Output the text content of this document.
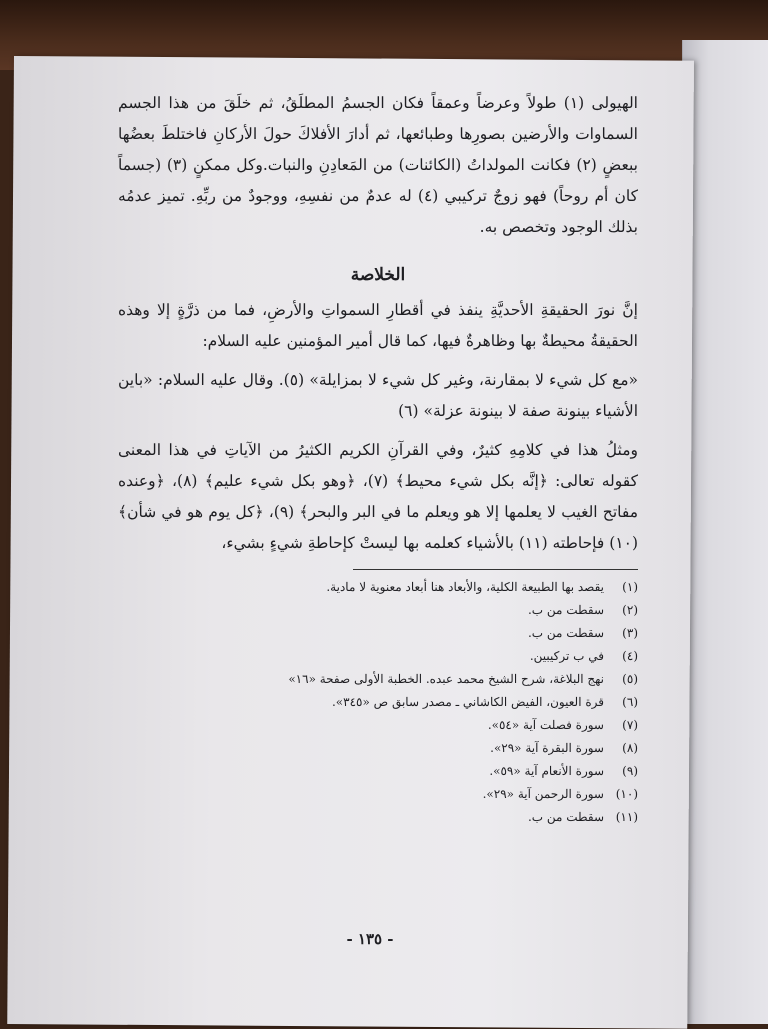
الهيولى (١) طولاً وعرضاً وعمقاً فكان الجسمُ المطلَقُ، ثم خلَقَ من هذا الجسم السماوات والأرضين بصورِها وطبائعها، ثم أدارَ الأفلاكَ حولَ الأركانِ فاختلطَ بعضُها ببعضٍ (٢) فكانت المولداتُ (الكائنات) من المَعادِنِ والنبات.وكل ممكنٍ (٣) (جسماً كان أم روحاً) فهو زوجٌ تركيبي (٤) له عدمٌ من نفسِهِ، ووجودٌ من ربِّهِ. تميز عدمُه بذلك الوجود وتخصص به.

الخلاصة

إنَّ نورَ الحقيقةِ الأحديَّةِ ينفذ في أقطارِ السمواتِ والأرضِ، فما من ذرَّةٍ إلا وهذه الحقيقةُ محيطةٌ بها وظاهرةٌ فيها، كما قال أمير المؤمنين عليه السلام:

«مع كل شيء لا بمقارنة، وغير كل شيء لا بمزايلة» (٥). وقال عليه السلام: «باين الأشياء بينونة صفة لا بينونة عزلة» (٦)

ومثلُ هذا في كلامِهِ كثيرٌ، وفي القرآنِ الكريم الكثيرُ من الآياتِ في هذا المعنى كقوله تعالى: ﴿إنَّه بكل شيء محيط﴾ (٧)، ﴿وهو بكل شيء عليم﴾ (٨)، ﴿وعنده مفاتح الغيب لا يعلمها إلا هو ويعلم ما في البر والبحر﴾ (٩)، ﴿كل يوم هو في شأن﴾ (١٠) فإحاطته (١١) بالأشياء كعلمه بها ليستْ كإحاطةِ شيءٍ بشيء،

(١)
يقصد بها الطبيعة الكلية، والأبعاد هنا أبعاد معنوية لا مادية.
(٢)
سقطت من ب.
(٣)
سقطت من ب.
(٤)
في ب تركيبين.
(٥)
نهج البلاغة، شرح الشيخ محمد عبده. الخطبة الأولى صفحة «١٦»
(٦)
قرة العيون، الفيض الكاشاني ـ مصدر سابق ص «٣٤٥».
(٧)
سورة فصلت آية «٥٤».
(٨)
سورة البقرة آية «٢٩».
(٩)
سورة الأنعام آية «٥٩».
(١٠)
سورة الرحمن آية «٢٩».
(١١)
سقطت من ب.
- ١٣٥ -
